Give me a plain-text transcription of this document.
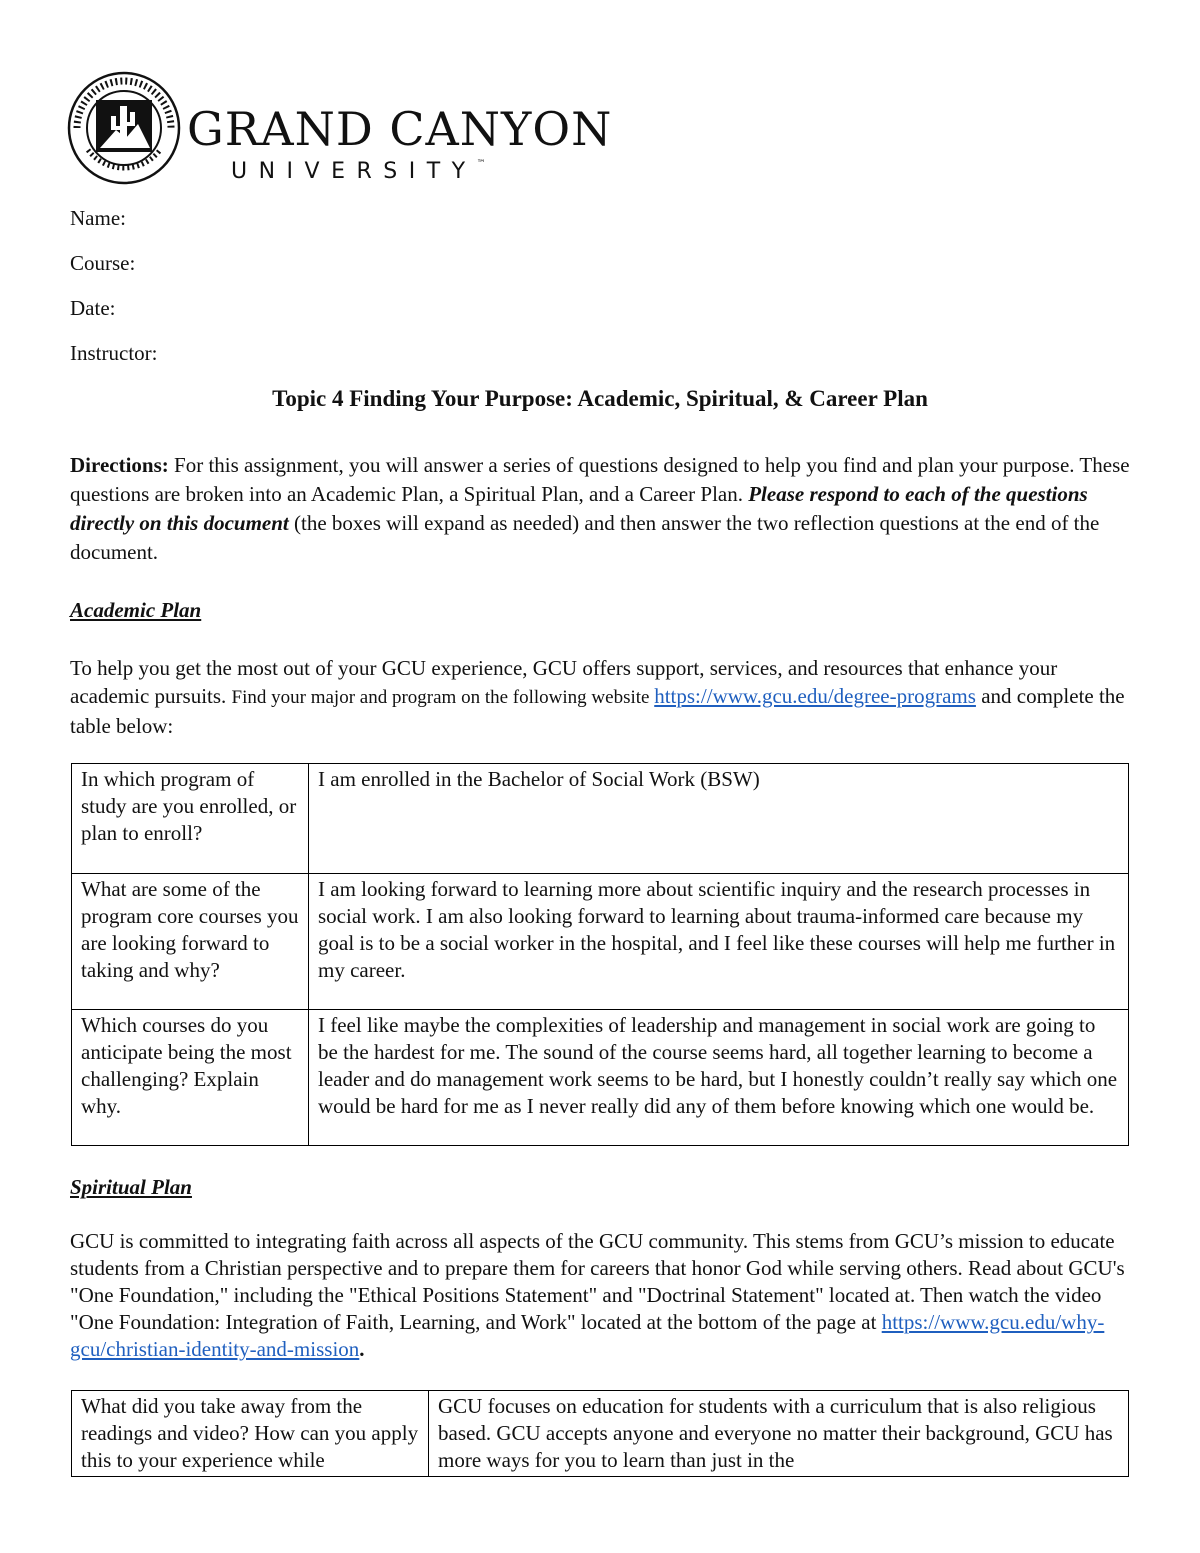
GRAND CANYON
UNIVERSITY™
Name:
Course:
Date:
Instructor:
Topic 4 Finding Your Purpose: Academic, Spiritual, & Career Plan
Directions: For this assignment, you will answer a series of questions designed to help you find and plan your purpose. These questions are broken into an Academic Plan, a Spiritual Plan, and a Career Plan. Please respond to each of the questions directly on this document (the boxes will expand as needed) and then answer the two reflection questions at the end of the document.
Academic Plan
To help you get the most out of your GCU experience, GCU offers support, services, and resources that enhance your academic pursuits. Find your major and program on the following website https://www.gcu.edu/degree-programs and complete the table below:
In which program of study are you enrolled, or plan to enroll?	I am enrolled in the Bachelor of Social Work (BSW)
What are some of the program core courses you are looking forward to taking and why?	I am looking forward to learning more about scientific inquiry and the research processes in social work. I am also looking forward to learning about trauma-informed care because my goal is to be a social worker in the hospital, and I feel like these courses will help me further in my career.
Which courses do you anticipate being the most challenging? Explain why.	I feel like maybe the complexities of leadership and management in social work are going to be the hardest for me. The sound of the course seems hard, all together learning to become a leader and do management work seems to be hard, but I honestly couldn’t really say which one would be hard for me as I never really did any of them before knowing which one would be.
Spiritual Plan
GCU is committed to integrating faith across all aspects of the GCU community. This stems from GCU’s mission to educate students from a Christian perspective and to prepare them for careers that honor God while serving others. Read about GCU's "One Foundation," including the "Ethical Positions Statement" and "Doctrinal Statement" located at. Then watch the video "One Foundation: Integration of Faith, Learning, and Work" located at the bottom of the page at https://www.gcu.edu/why-gcu/christian-identity-and-mission.
What did you take away from the readings and video? How can you apply this to your experience while	GCU focuses on education for students with a curriculum that is also religious based. GCU accepts anyone and everyone no matter their background, GCU has more ways for you to learn than just in the
